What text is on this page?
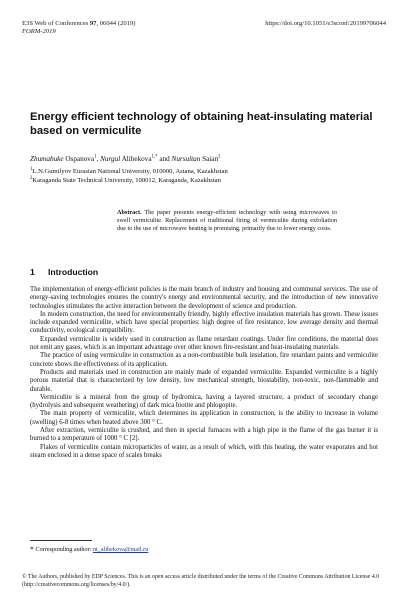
E3S Web of Conferences 97, 06044 (2019)
FORM-2019
https://doi.org/10.1051/e3sconf/20199706044
Energy efficient technology of obtaining heat-insulating material based on vermiculite
Zhumabuke Ospanova$^1$, Nurgul Alibekova$^{1,*}$ and Nursultan Saian$^2$
$^1$L.N.Gumilyov Eurasian National University, 010000, Astana, Kazakhstan
$^2$Karaganda State Technical University, 100012, Karaganda, Kazakhstan

Abstract. The paper presents energy-efficient technology with using microwaves to swell vermiculite. Replacement of traditional firing of vermiculite during exfoliation due to the use of microwave heating is promising, primarily due to lower energy costs.

1 Introduction

The implementation of energy-efficient policies is the main branch of industry and housing and communal services. The use of energy-saving technologies ensures the country's energy and environmental security, and the introduction of new innovative technologies stimulates the active interaction between the development of science and production.

In modern construction, the need for environmentally friendly, highly effective insulation materials has grown. These issues include expanded vermiculite, which have special properties: high degree of fire resistance, low average density and thermal conductivity, ecological compatibility.

Expanded vermiculite is widely used in construction as flame retardant coatings. Under fire conditions, the material does not emit any gases, which is an important advantage over other known fire-resistant and heat-insulating materials.

The practice of using vermiculite in construction as a non-combustible bulk insulation, fire retardant paints and vermiculite concrete shows the effectiveness of its application.

Products and materials used in construction are mainly made of expanded vermiculite. Expanded vermiculite is a highly porous material that is characterized by low density, low mechanical strength, biostability, non-toxic, non-flammable and durable.

Vermiculite is a mineral from the group of hydromica, having a layered structure, a product of secondary change (hydrolysis and subsequent weathering) of dark mica biotite and phlogopite.

The main property of vermiculite, which determines its application in construction, is the ability to increase in volume (swelling) 6-8 times when heated above 300 ° C.

After extraction, vermiculite is crushed, and then in special furnaces with a high pipe in the flame of the gas burner it is burned to a temperature of 1000 ° C [2].

Flakes of vermiculite contain microparticles of water, as a result of which, with this heating, the water evaporates and hot steam enclosed in a dense space of scales breaks

* Corresponding author: nt_alibekova@mail.ru
© The Authors, published by EDP Sciences. This is an open access article distributed under the terms of the Creative Commons Attribution License 4.0 (http://creativecommons.org/licenses/by/4.0/).
